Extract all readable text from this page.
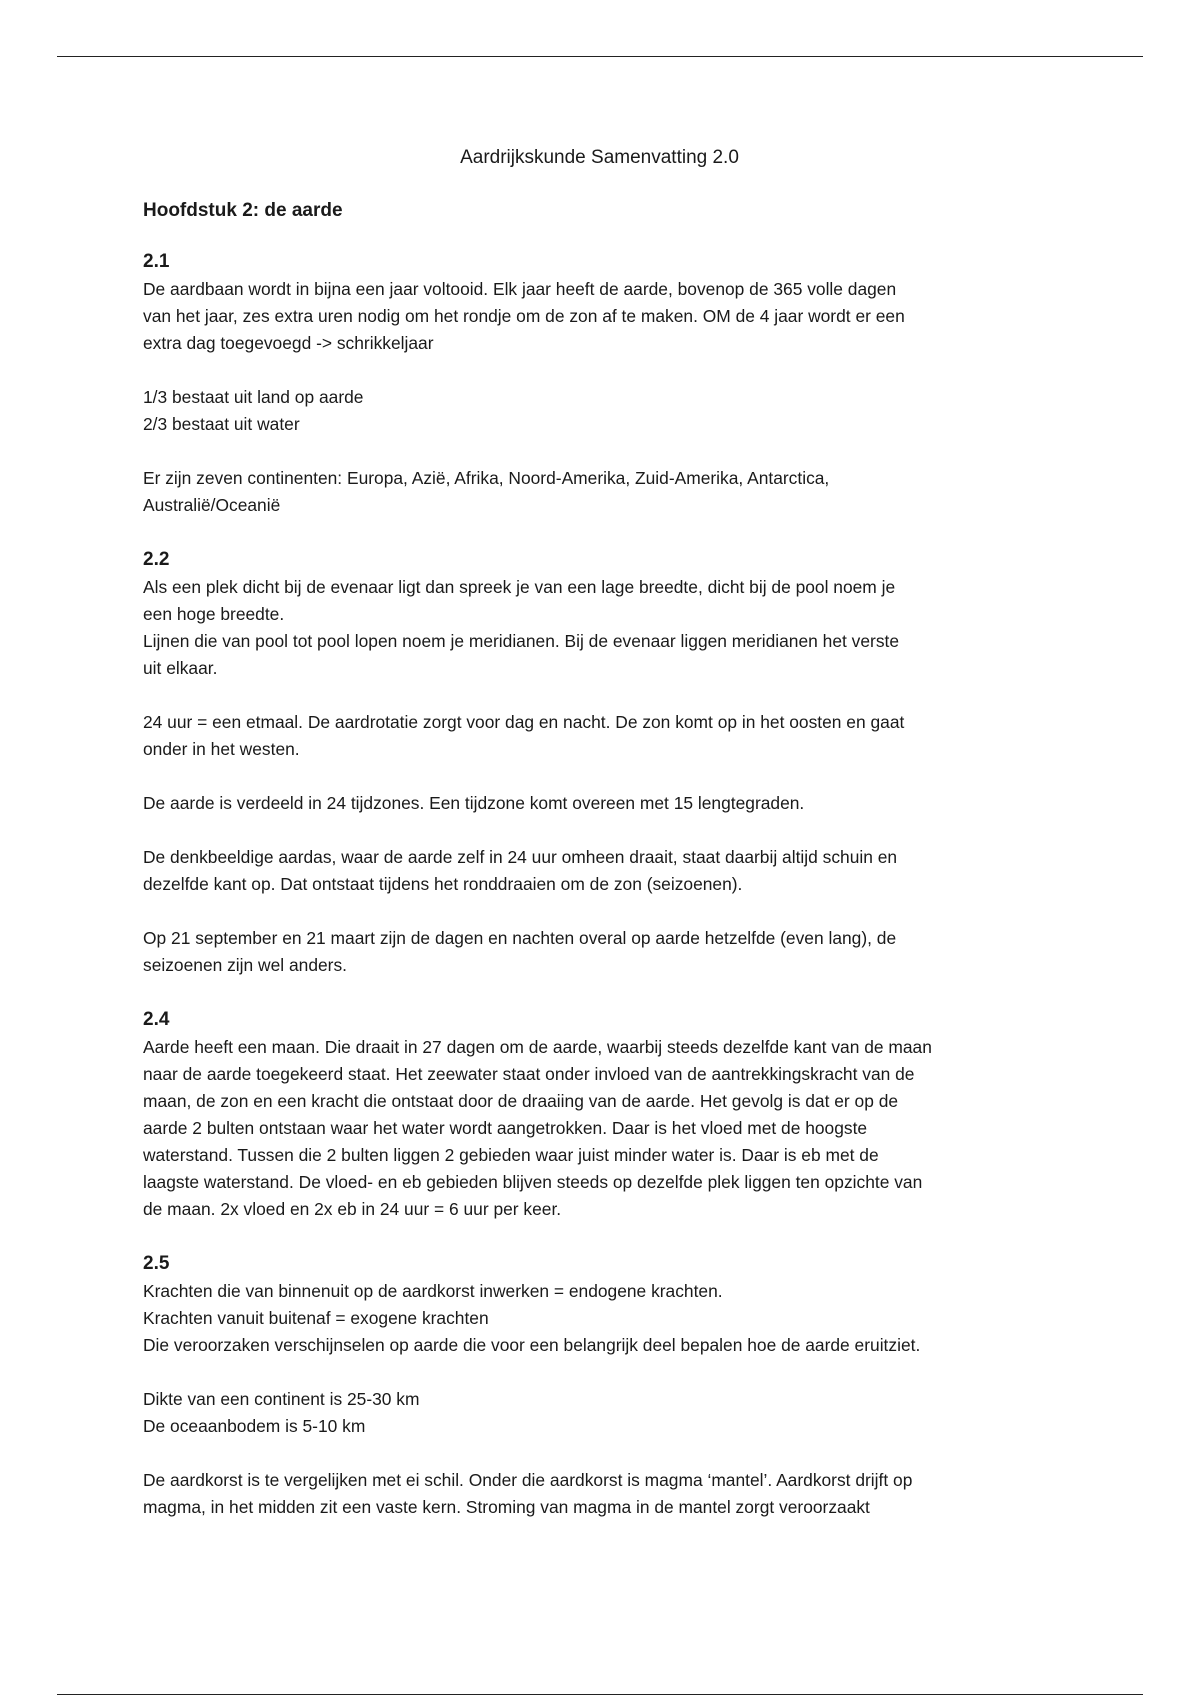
Aardrijkskunde Samenvatting 2.0
Hoofdstuk 2: de aarde
2.1

De aardbaan wordt in bijna een jaar voltooid. Elk jaar heeft de aarde, bovenop de 365 volle dagen
van het jaar, zes extra uren nodig om het rondje om de zon af te maken. OM de 4 jaar wordt er een
extra dag toegevoegd -> schrikkeljaar

1/3 bestaat uit land op aarde
2/3 bestaat uit water

Er zijn zeven continenten: Europa, Azië, Afrika, Noord-Amerika, Zuid-Amerika, Antarctica,
Australië/Oceanië

2.2

Als een plek dicht bij de evenaar ligt dan spreek je van een lage breedte, dicht bij de pool noem je
een hoge breedte.
Lijnen die van pool tot pool lopen noem je meridianen. Bij de evenaar liggen meridianen het verste
uit elkaar.

24 uur = een etmaal. De aardrotatie zorgt voor dag en nacht. De zon komt op in het oosten en gaat
onder in het westen.

De aarde is verdeeld in 24 tijdzones. Een tijdzone komt overeen met 15 lengtegraden.

De denkbeeldige aardas, waar de aarde zelf in 24 uur omheen draait, staat daarbij altijd schuin en
dezelfde kant op. Dat ontstaat tijdens het ronddraaien om de zon (seizoenen).

Op 21 september en 21 maart zijn de dagen en nachten overal op aarde hetzelfde (even lang), de
seizoenen zijn wel anders.

2.4

Aarde heeft een maan. Die draait in 27 dagen om de aarde, waarbij steeds dezelfde kant van de maan
naar de aarde toegekeerd staat. Het zeewater staat onder invloed van de aantrekkingskracht van de
maan, de zon en een kracht die ontstaat door de draaiing van de aarde. Het gevolg is dat er op de
aarde 2 bulten ontstaan waar het water wordt aangetrokken. Daar is het vloed met de hoogste
waterstand. Tussen die 2 bulten liggen 2 gebieden waar juist minder water is. Daar is eb met de
laagste waterstand. De vloed- en eb gebieden blijven steeds op dezelfde plek liggen ten opzichte van
de maan. 2x vloed en 2x eb in 24 uur = 6 uur per keer.

2.5

Krachten die van binnenuit op de aardkorst inwerken = endogene krachten.
Krachten vanuit buitenaf = exogene krachten
Die veroorzaken verschijnselen op aarde die voor een belangrijk deel bepalen hoe de aarde eruitziet.

Dikte van een continent is 25-30 km
De oceaanbodem is 5-10 km

De aardkorst is te vergelijken met ei schil. Onder die aardkorst is magma ‘mantel’. Aardkorst drijft op
magma, in het midden zit een vaste kern. Stroming van magma in de mantel zorgt veroorzaakt
